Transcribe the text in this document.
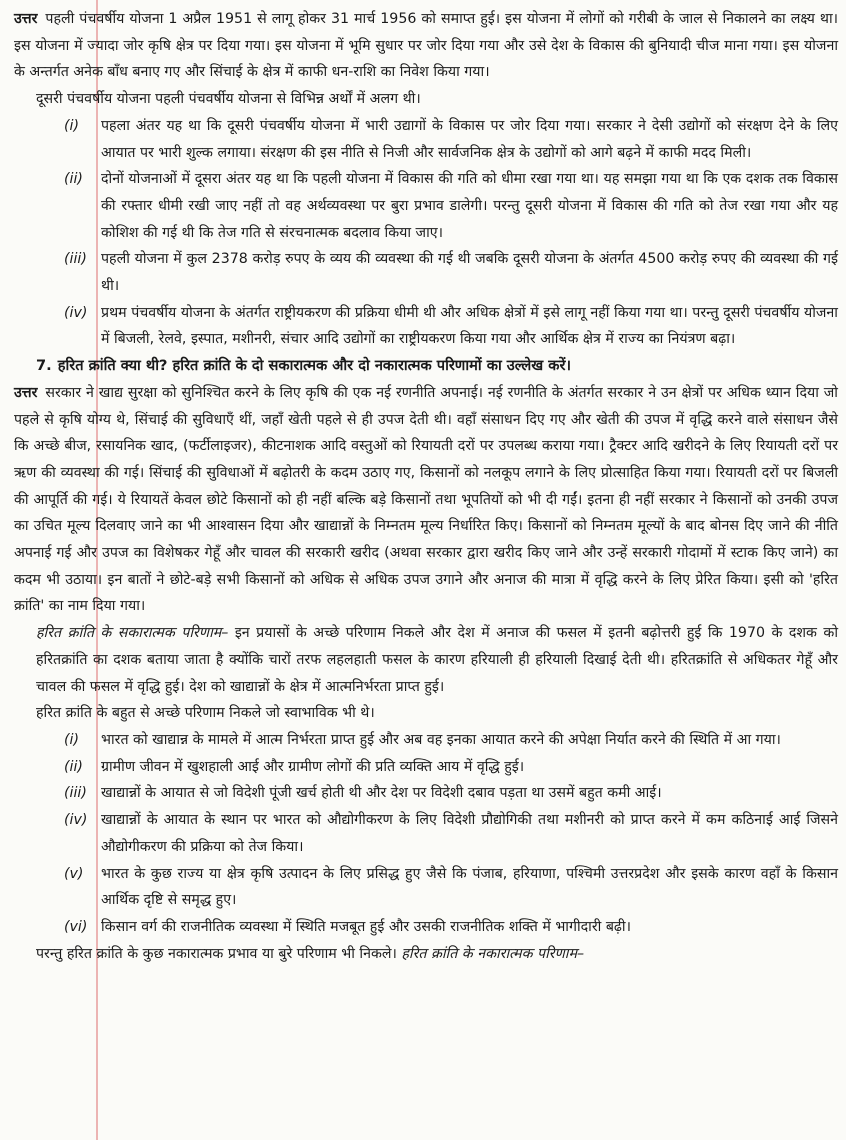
उत्तर पहली पंचवर्षीय योजना 1 अप्रैल 1951 से लागू होकर 31 मार्च 1956 को समाप्त हुई। इस योजना में लोगों को गरीबी के जाल से निकालने का लक्ष्य था। इस योजना में ज्यादा जोर कृषि क्षेत्र पर दिया गया। इस योजना में भूमि सुधार पर जोर दिया गया और उसे देश के विकास की बुनियादी चीज माना गया। इस योजना के अन्तर्गत अनेक बाँध बनाए गए और सिंचाई के क्षेत्र में काफी धन-राशि का निवेश किया गया।

दूसरी पंचवर्षीय योजना पहली पंचवर्षीय योजना से विभिन्न अर्थों में अलग थी।

(i) पहला अंतर यह था कि दूसरी पंचवर्षीय योजना में भारी उद्यागों के विकास पर जोर दिया गया। सरकार ने देसी उद्योगों को संरक्षण देने के लिए आयात पर भारी शुल्क लगाया। संरक्षण की इस नीति से निजी और सार्वजनिक क्षेत्र के उद्योगों को आगे बढ़ने में काफी मदद मिली।
(ii) दोनों योजनाओं में दूसरा अंतर यह था कि पहली योजना में विकास की गति को धीमा रखा गया था। यह समझा गया था कि एक दशक तक विकास की रफ्तार धीमी रखी जाए नहीं तो वह अर्थव्यवस्था पर बुरा प्रभाव डालेगी। परन्तु दूसरी योजना में विकास की गति को तेज रखा गया और यह कोशिश की गई थी कि तेज गति से संरचनात्मक बदलाव किया जाए।
(iii) पहली योजना में कुल 2378 करोड़ रुपए के व्यय की व्यवस्था की गई थी जबकि दूसरी योजना के अंतर्गत 4500 करोड़ रुपए की व्यवस्था की गई थी।
(iv) प्रथम पंचवर्षीय योजना के अंतर्गत राष्ट्रीयकरण की प्रक्रिया धीमी थी और अधिक क्षेत्रों में इसे लागू नहीं किया गया था। परन्तु दूसरी पंचवर्षीय योजना में बिजली, रेलवे, इस्पात, मशीनरी, संचार आदि उद्योगों का राष्ट्रीयकरण किया गया और आर्थिक क्षेत्र में राज्य का नियंत्रण बढ़ा।

7. हरित क्रांति क्या थी? हरित क्रांति के दो सकारात्मक और दो नकारात्मक परिणामों का उल्लेख करें।

उत्तर सरकार ने खाद्य सुरक्षा को सुनिश्चित करने के लिए कृषि की एक नई रणनीति अपनाई। नई रणनीति के अंतर्गत सरकार ने उन क्षेत्रों पर अधिक ध्यान दिया जो पहले से कृषि योग्य थे, सिंचाई की सुविधाएँ थीं, जहाँ खेती पहले से ही उपज देती थी। वहाँ संसाधन दिए गए और खेती की उपज में वृद्धि करने वाले संसाधन जैसे कि अच्छे बीज, रसायनिक खाद, (फर्टीलाइजर), कीटनाशक आदि वस्तुओं को रियायती दरों पर उपलब्ध कराया गया। ट्रैक्टर आदि खरीदने के लिए रियायती दरों पर ऋण की व्यवस्था की गई। सिंचाई की सुविधाओं में बढ़ोतरी के कदम उठाए गए, किसानों को नलकूप लगाने के लिए प्रोत्साहित किया गया। रियायती दरों पर बिजली की आपूर्ति की गई। ये रियायतें केवल छोटे किसानों को ही नहीं बल्कि बड़े किसानों तथा भूपतियों को भी दी गईं। इतना ही नहीं सरकार ने किसानों को उनकी उपज का उचित मूल्य दिलवाए जाने का भी आश्वासन दिया और खाद्यान्नों के निम्नतम मूल्य निर्धारित किए। किसानों को निम्नतम मूल्यों के बाद बोनस दिए जाने की नीति अपनाई गई और उपज का विशेषकर गेहूँ और चावल की सरकारी खरीद (अथवा सरकार द्वारा खरीद किए जाने और उन्हें सरकारी गोदामों में स्टाक किए जाने) का कदम भी उठाया। इन बातों ने छोटे-बड़े सभी किसानों को अधिक से अधिक उपज उगाने और अनाज की मात्रा में वृद्धि करने के लिए प्रेरित किया। इसी को 'हरित क्रांति' का नाम दिया गया।

हरित क्रांति के सकारात्मक परिणाम– इन प्रयासों के अच्छे परिणाम निकले और देश में अनाज की फसल में इतनी बढ़ोत्तरी हुई कि 1970 के दशक को हरितक्रांति का दशक बताया जाता है क्योंकि चारों तरफ लहलहाती फसल के कारण हरियाली ही हरियाली दिखाई देती थी। हरितक्रांति से अधिकतर गेहूँ और चावल की फसल में वृद्धि हुई। देश को खाद्यान्नों के क्षेत्र में आत्मनिर्भरता प्राप्त हुई।

हरित क्रांति के बहुत से अच्छे परिणाम निकले जो स्वाभाविक भी थे।

(i) भारत को खाद्यान्न के मामले में आत्म निर्भरता प्राप्त हुई और अब वह इनका आयात करने की अपेक्षा निर्यात करने की स्थिति में आ गया।
(ii) ग्रामीण जीवन में खुशहाली आई और ग्रामीण लोगों की प्रति व्यक्ति आय में वृद्धि हुई।
(iii) खाद्यान्नों के आयात से जो विदेशी पूंजी खर्च होती थी और देश पर विदेशी दबाव पड़ता था उसमें बहुत कमी आई।
(iv) खाद्यान्नों के आयात के स्थान पर भारत को औद्योगीकरण के लिए विदेशी प्रौद्योगिकी तथा मशीनरी को प्राप्त करने में कम कठिनाई आई जिसने औद्योगीकरण की प्रक्रिया को तेज किया।
(v) भारत के कुछ राज्य या क्षेत्र कृषि उत्पादन के लिए प्रसिद्ध हुए जैसे कि पंजाब, हरियाणा, पश्चिमी उत्तरप्रदेश और इसके कारण वहाँ के किसान आर्थिक दृष्टि से समृद्ध हुए।
(vi) किसान वर्ग की राजनीतिक व्यवस्था में स्थिति मजबूत हुई और उसकी राजनीतिक शक्ति में भागीदारी बढ़ी।

परन्तु हरित क्रांति के कुछ नकारात्मक प्रभाव या बुरे परिणाम भी निकले। हरित क्रांति के नकारात्मक परिणाम–
